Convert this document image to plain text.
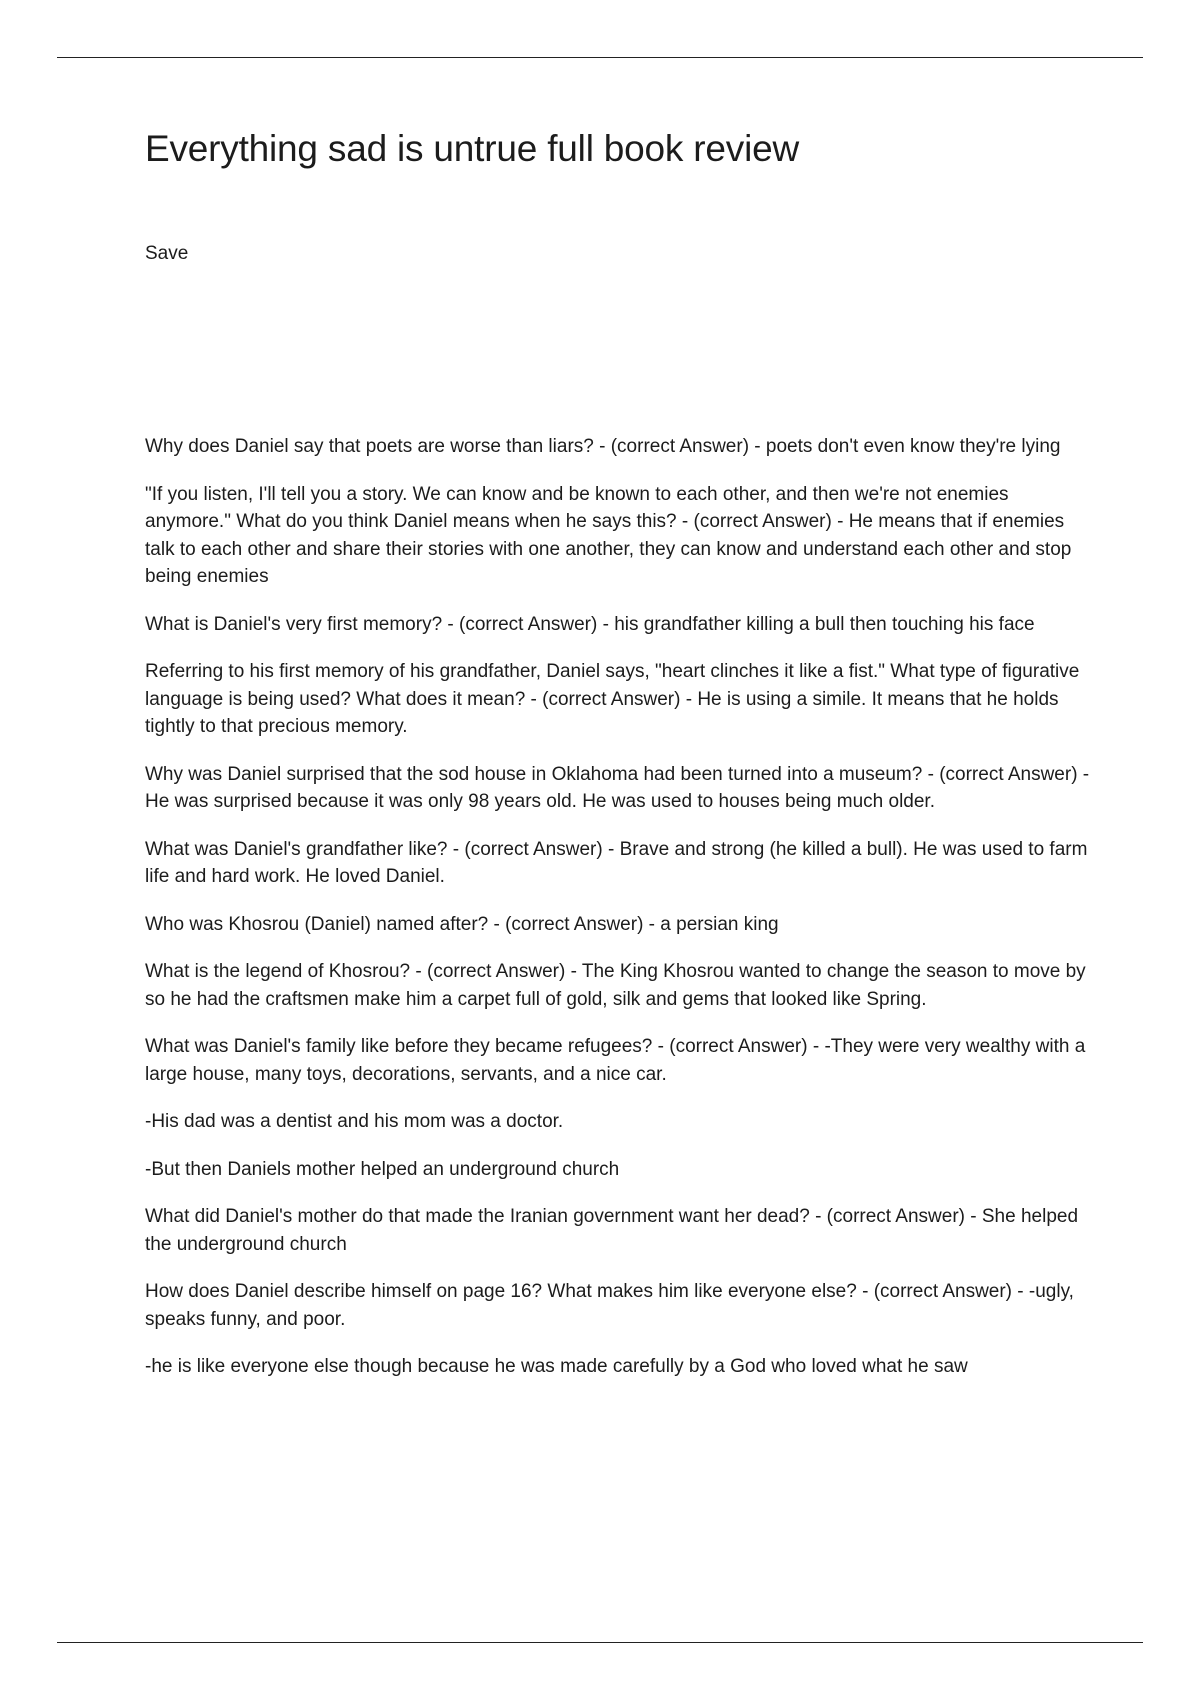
Everything sad is untrue full book review
Save
Why does Daniel say that poets are worse than liars? - (correct Answer) - poets don't even know they're lying
"If you listen, I'll tell you a story. We can know and be known to each other, and then we're not enemies anymore." What do you think Daniel means when he says this? - (correct Answer) - He means that if enemies talk to each other and share their stories with one another, they can know and understand each other and stop being enemies
What is Daniel's very first memory? - (correct Answer) - his grandfather killing a bull then touching his face
Referring to his first memory of his grandfather, Daniel says, "heart clinches it like a fist." What type of figurative language is being used? What does it mean? - (correct Answer) - He is using a simile. It means that he holds tightly to that precious memory.
Why was Daniel surprised that the sod house in Oklahoma had been turned into a museum? - (correct Answer) - He was surprised because it was only 98 years old. He was used to houses being much older.
What was Daniel's grandfather like? - (correct Answer) - Brave and strong (he killed a bull). He was used to farm life and hard work. He loved Daniel.
Who was Khosrou (Daniel) named after? - (correct Answer) - a persian king
What is the legend of Khosrou? - (correct Answer) - The King Khosrou wanted to change the season to move by so he had the craftsmen make him a carpet full of gold, silk and gems that looked like Spring.
What was Daniel's family like before they became refugees? - (correct Answer) - -They were very wealthy with a large house, many toys, decorations, servants, and a nice car.
-His dad was a dentist and his mom was a doctor.
-But then Daniels mother helped an underground church
What did Daniel's mother do that made the Iranian government want her dead? - (correct Answer) - She helped the underground church
How does Daniel describe himself on page 16? What makes him like everyone else? - (correct Answer) - -ugly, speaks funny, and poor.
-he is like everyone else though because he was made carefully by a God who loved what he saw
